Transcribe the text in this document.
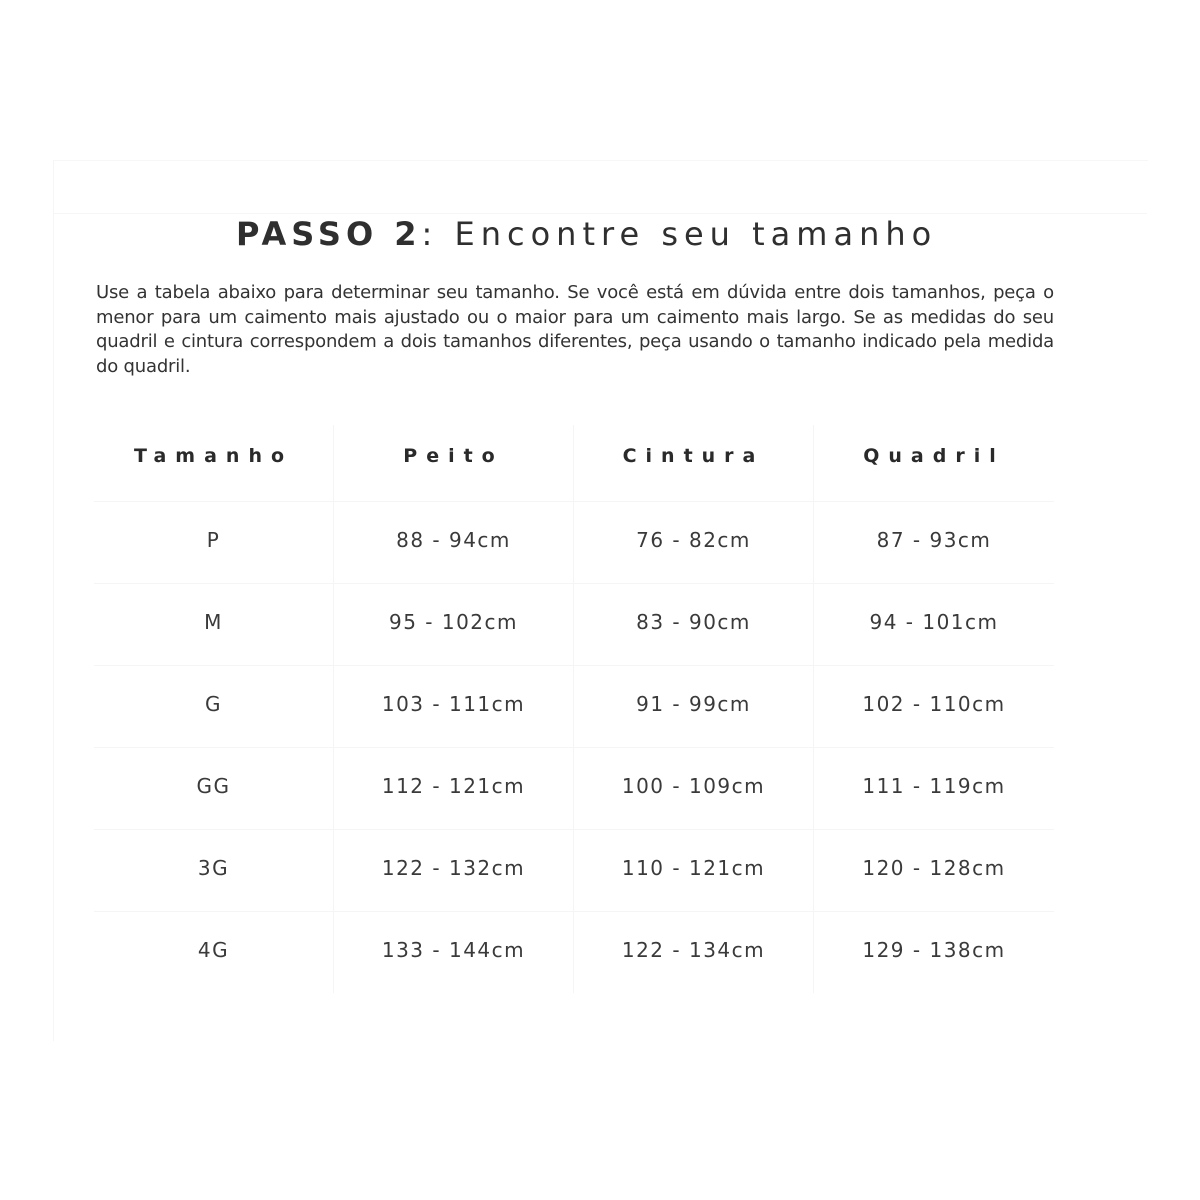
PASSO 2: Encontre seu tamanho

Use a tabela abaixo para determinar seu tamanho. Se você está em dúvida entre dois tamanhos, peça o menor para um caimento mais ajustado ou o maior para um caimento mais largo. Se as medidas do seu quadril e cintura correspondem a dois tamanhos diferentes, peça usando o tamanho indicado pela medida do quadril.

Tamanho	Peito	Cintura	Quadril
P	88 - 94cm	76 - 82cm	87 - 93cm
M	95 - 102cm	83 - 90cm	94 - 101cm
G	103 - 111cm	91 - 99cm	102 - 110cm
GG	112 - 121cm	100 - 109cm	111 - 119cm
3G	122 - 132cm	110 - 121cm	120 - 128cm
4G	133 - 144cm	122 - 134cm	129 - 138cm
